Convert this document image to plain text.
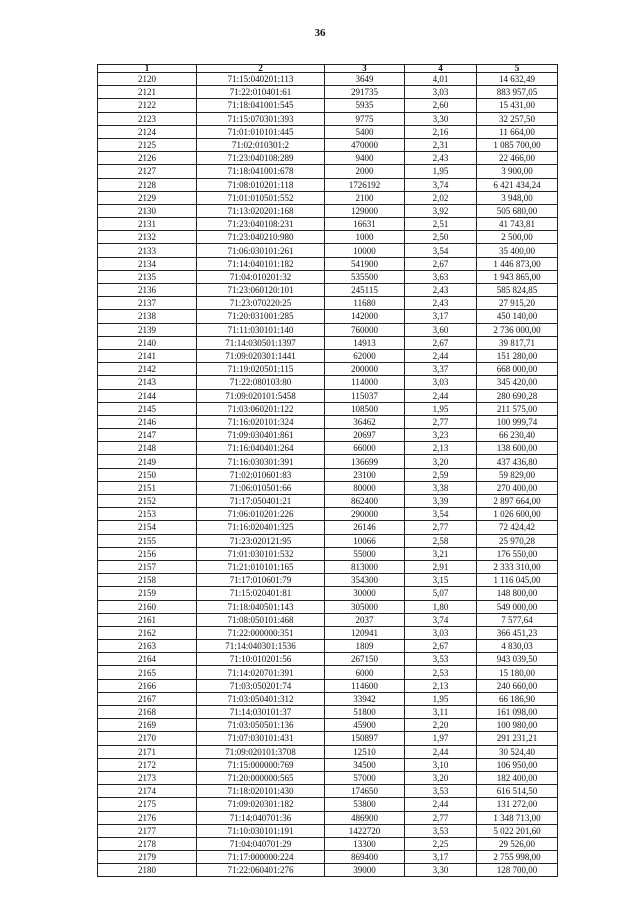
36
1	2	3	4	5
2120	71:15:040201:113	3649	4,01	14 632,49
2121	71:22:010401:61	291735	3,03	883 957,05
2122	71:18:041001:545	5935	2,60	15 431,00
2123	71:15:070301:393	9775	3,30	32 257,50
2124	71:01:010101:445	5400	2,16	11 664,00
2125	71:02:010301:2	470000	2,31	1 085 700,00
2126	71:23:040108:289	9400	2,43	22 466,00
2127	71:18:041001:678	2000	1,95	3 900,00
2128	71:08:010201:118	1726192	3,74	6 421 434,24
2129	71:01:010501:552	2100	2,02	3 948,00
2130	71:13:020201:168	129000	3,92	505 680,00
2131	71:23:040108:231	16631	2,51	41 743,81
2132	71:23:040210:980	1000	2,50	2 500,00
2133	71:06:030101:261	10000	3,54	35 400,00
2134	71:14:040101:182	541900	2,67	1 446 873,00
2135	71:04:010201:32	535500	3,63	1 943 865,00
2136	71:23:060120:101	245115	2,43	585 824,85
2137	71:23:070220:25	11680	2,43	27 915,20
2138	71:20:031001:285	142000	3,17	450 140,00
2139	71:11:030101:140	760000	3,60	2 736 000,00
2140	71:14:030501:1397	14913	2,67	39 817,71
2141	71:09:020301:1441	62000	2,44	151 280,00
2142	71:19:020501:115	200000	3,37	668 000,00
2143	71:22:080103:80	114000	3,03	345 420,00
2144	71:09:020101:5458	115037	2,44	280 690,28
2145	71:03:060201:122	108500	1,95	211 575,00
2146	71:16:020101:324	36462	2,77	100 999,74
2147	71:09:030401:861	20697	3,23	66 230,40
2148	71:16:040401:264	66000	2,13	138 600,00
2149	71:16:030301:391	136699	3,20	437 436,80
2150	71:02:010601:83	23100	2,59	59 829,00
2151	71:06:010501:66	80000	3,38	270 400,00
2152	71:17:050401:21	862400	3,39	2 897 664,00
2153	71:06:010201:226	290000	3,54	1 026 600,00
2154	71:16:020401:325	26146	2,77	72 424,42
2155	71:23:020121:95	10066	2,58	25 970,28
2156	71:01:030101:532	55000	3,21	176 550,00
2157	71:21:010101:165	813000	2,91	2 333 310,00
2158	71:17:010601:79	354300	3,15	1 116 045,00
2159	71:15:020401:81	30000	5,07	148 800,00
2160	71:18:040501:143	305000	1,80	549 000,00
2161	71:08:050101:468	2037	3,74	7 577,64
2162	71:22:000000:351	120941	3,03	366 451,23
2163	71:14:040301:1536	1809	2,67	4 830,03
2164	71:10:010201:56	267150	3,53	943 039,50
2165	71:14:020701:391	6000	2,53	15 180,00
2166	71:03:050201:74	114600	2,13	240 660,00
2167	71:03:050401:312	33942	1,95	66 186,90
2168	71:14:030101:37	51800	3,11	161 098,00
2169	71:03:050501:136	45900	2,20	100 980,00
2170	71:07:030101:431	150897	1,97	291 231,21
2171	71:09:020101:3708	12510	2,44	30 524,40
2172	71:15:000000:769	34500	3,10	106 950,00
2173	71:20:000000:565	57000	3,20	182 400,00
2174	71:18:020101:430	174650	3,53	616 514,50
2175	71:09:020301:182	53800	2,44	131 272,00
2176	71:14:040701:36	486900	2,77	1 348 713,00
2177	71:10:030101:191	1422720	3,53	5 022 201,60
2178	71:04:040701:29	13300	2,25	29 526,00
2179	71:17:000000:224	869400	3,17	2 755 998,00
2180	71:22:060401:276	39000	3,30	128 700,00
